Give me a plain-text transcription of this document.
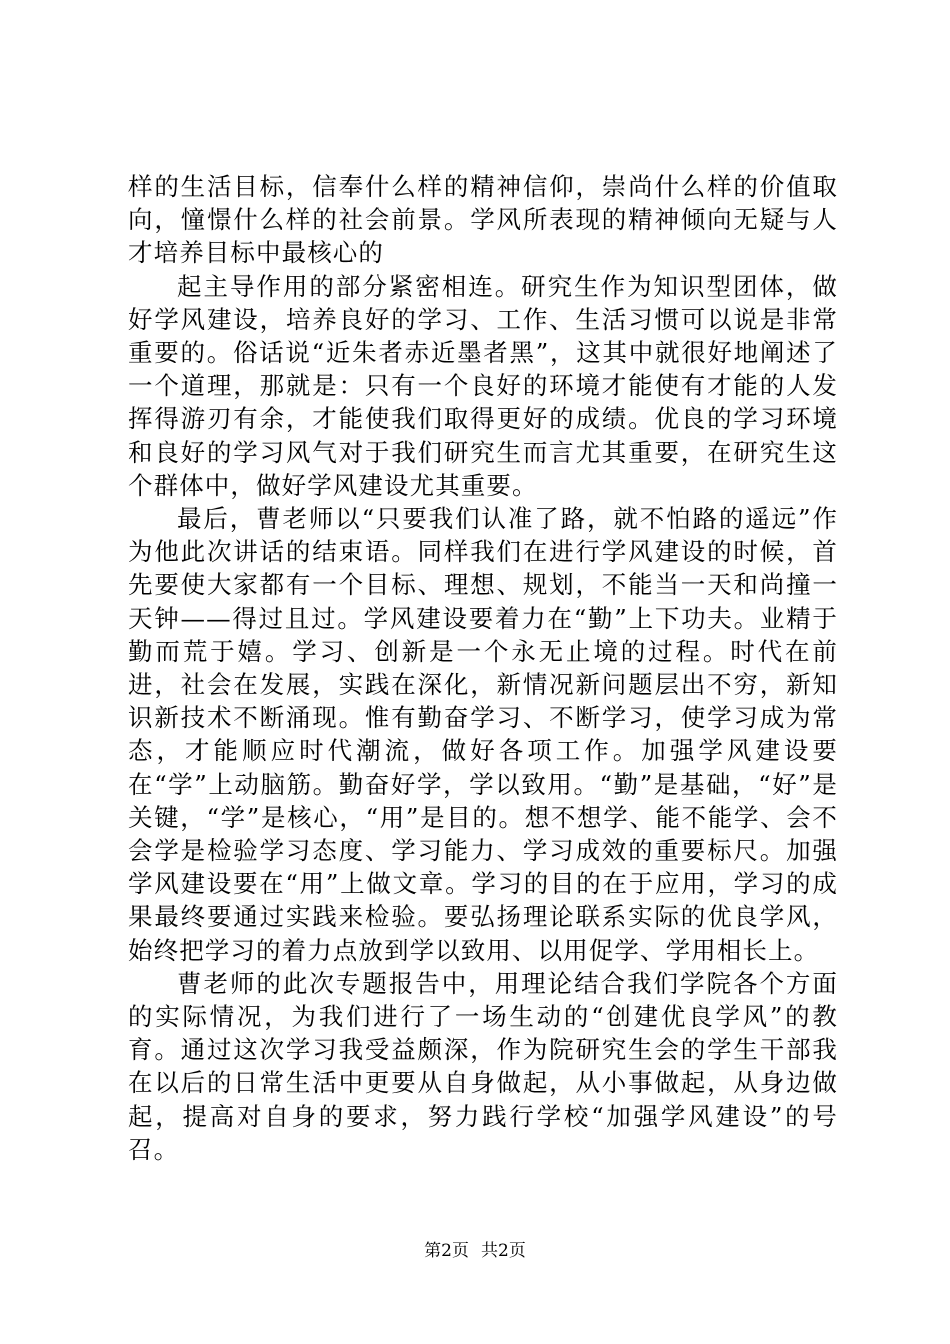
样的生活目标，信奉什么样的精神信仰，崇尚什么样的价值取向，憧憬什么样的社会前景。学风所表现的精神倾向无疑与人才培养目标中最核心的

起主导作用的部分紧密相连。研究生作为知识型团体，做好学风建设，培养良好的学习、工作、生活习惯可以说是非常重要的。俗话说“近朱者赤近墨者黑”，这其中就很好地阐述了一个道理，那就是：只有一个良好的环境才能使有才能的人发挥得游刃有余，才能使我们取得更好的成绩。优良的学习环境和良好的学习风气对于我们研究生而言尤其重要，在研究生这个群体中，做好学风建设尤其重要。

最后，曹老师以“只要我们认准了路，就不怕路的遥远”作为他此次讲话的结束语。同样我们在进行学风建设的时候，首先要使大家都有一个目标、理想、规划，不能当一天和尚撞一天钟——得过且过。学风建设要着力在“勤”上下功夫。业精于勤而荒于嬉。学习、创新是一个永无止境的过程。时代在前进，社会在发展，实践在深化，新情况新问题层出不穷，新知识新技术不断涌现。惟有勤奋学习、不断学习，使学习成为常态，才能顺应时代潮流，做好各项工作。加强学风建设要在“学”上动脑筋。勤奋好学，学以致用。“勤”是基础，“好”是关键，“学”是核心，“用”是目的。想不想学、能不能学、会不会学是检验学习态度、学习能力、学习成效的重要标尺。加强学风建设要在“用”上做文章。学习的目的在于应用，学习的成果最终要通过实践来检验。要弘扬理论联系实际的优良学风，始终把学习的着力点放到学以致用、以用促学、学用相长上。

曹老师的此次专题报告中，用理论结合我们学院各个方面的实际情况，为我们进行了一场生动的“创建优良学风”的教育。通过这次学习我受益颇深，作为院研究生会的学生干部我在以后的日常生活中更要从自身做起，从小事做起，从身边做起，提高对自身的要求，努力践行学校“加强学风建设”的号召。

第2页 共2页
